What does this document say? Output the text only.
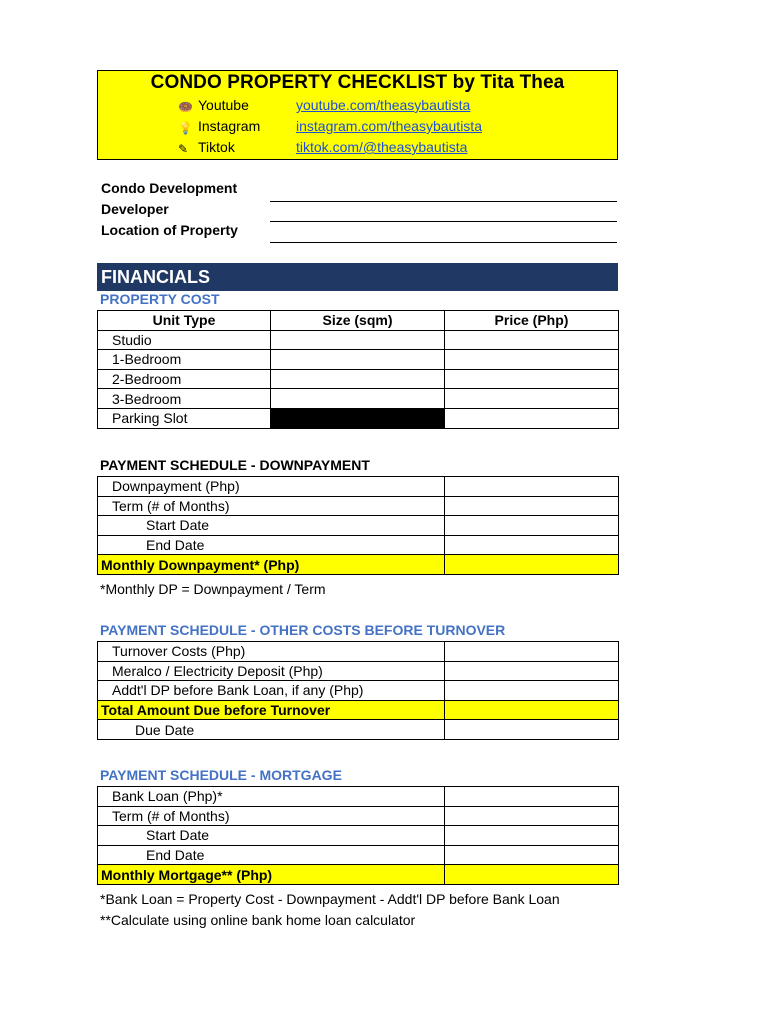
CONDO PROPERTY CHECKLIST by Tita Thea
🍩 Youtube	youtube.com/theasybautista
💡 Instagram	instagram.com/theasybautista
✎ Tiktok	tiktok.com/@theasybautista
Condo Development
Developer
Location of Property
FINANCIALS
PROPERTY COST
Unit Type	Size (sqm)	Price (Php)
Studio		
1-Bedroom		
2-Bedroom		
3-Bedroom		
Parking Slot		
PAYMENT SCHEDULE - DOWNPAYMENT
Downpayment (Php)	
Term (# of Months)	
Start Date	
End Date	
Monthly Downpayment* (Php)	
*Monthly DP = Downpayment / Term
PAYMENT SCHEDULE - OTHER COSTS BEFORE TURNOVER
Turnover Costs (Php)	
Meralco / Electricity Deposit (Php)	
Addt'l DP before Bank Loan, if any (Php)	
Total Amount Due before Turnover	
Due Date	
PAYMENT SCHEDULE - MORTGAGE
Bank Loan (Php)*	
Term (# of Months)	
Start Date	
End Date	
Monthly Mortgage** (Php)	
*Bank Loan = Property Cost - Downpayment - Addt'l DP before Bank Loan
**Calculate using online bank home loan calculator
